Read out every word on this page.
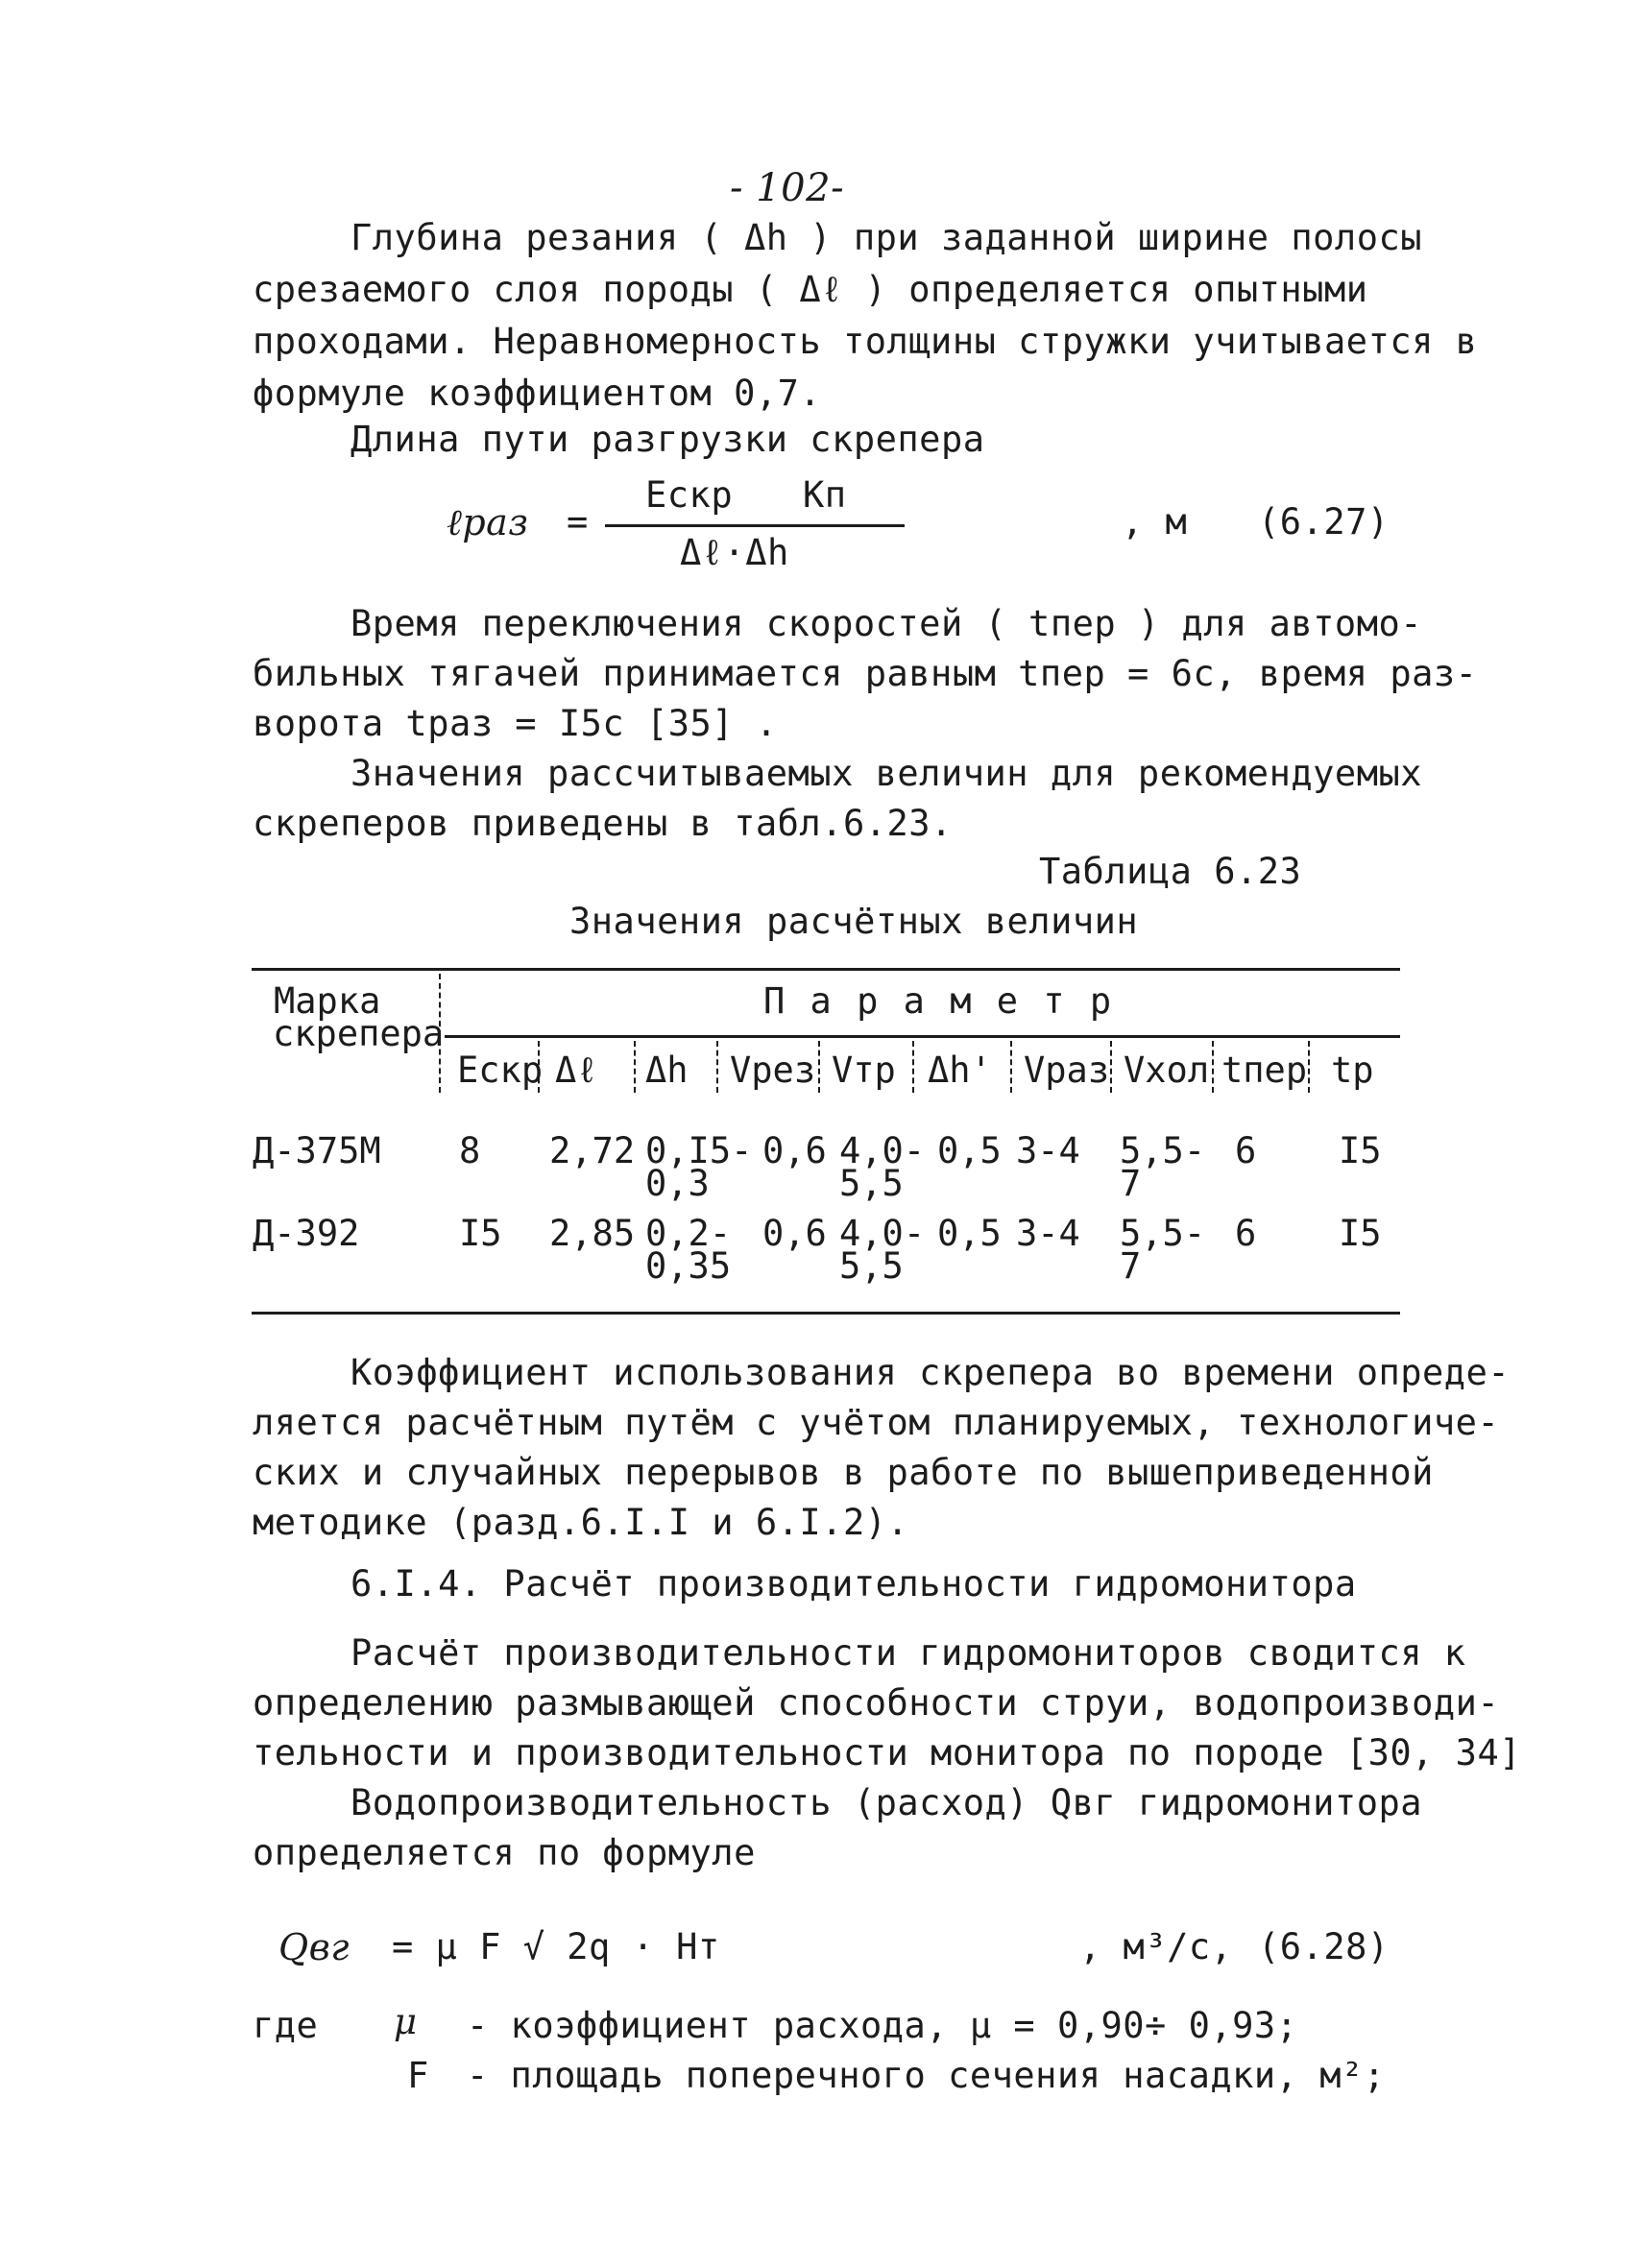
- 102-
Глубина резания ( Δh ) при заданной ширине полосы
срезаемого слоя породы ( Δℓ ) определяется опытными
проходами. Неравномерность толщины стружки учитывается в
формуле коэффициентом 0,7.
Длина пути разгрузки скрепера
ℓраз =
Eскр Kп
Δℓ·Δh
, м (6.27)
Время переключения скоростей ( tпер ) для автомо-
бильных тягачей принимается равным tпер = 6с, время раз-
ворота tраз = I5с [35] .
Значения рассчитываемых величин для рекомендуемых
скреперов приведены в табл.6.23.
Таблица 6.23
Значения расчётных величин
Марка
скрепера
П а р а м е т р
Eскр Δℓ Δh Vрез Vтр Δh' Vраз Vхол tпер tр
Д-375М 8 2,72 0,I5-
0,3
0,6 4,0-
5,5
0,5 3-4 5,5-
7
6 I5
Д-392	I5 2,85 0,2-
0,35
0,6 4,0-
5,5
0,5 3-4 5,5-
7
6 I5
Коэффициент использования скрепера во времени опреде-
ляется расчётным путём с учётом планируемых, технологиче-
ских и случайных перерывов в работе по вышеприведенной
методике (разд.6.I.I и 6.I.2).
6.I.4. Расчёт производительности гидромонитора
Расчёт производительности гидромониторов сводится к
определению размывающей способности струи, водопроизводи-
тельности и производительности монитора по породе [30, 34]
Водопроизводительность (расход) Qвг гидромонитора
определяется по формуле
Qвг = μ F √ 2q · Hт	, м³/с, (6.28)
где μ - коэффициент расхода, μ = 0,90÷ 0,93;
F - площадь поперечного сечения насадки, м²;
